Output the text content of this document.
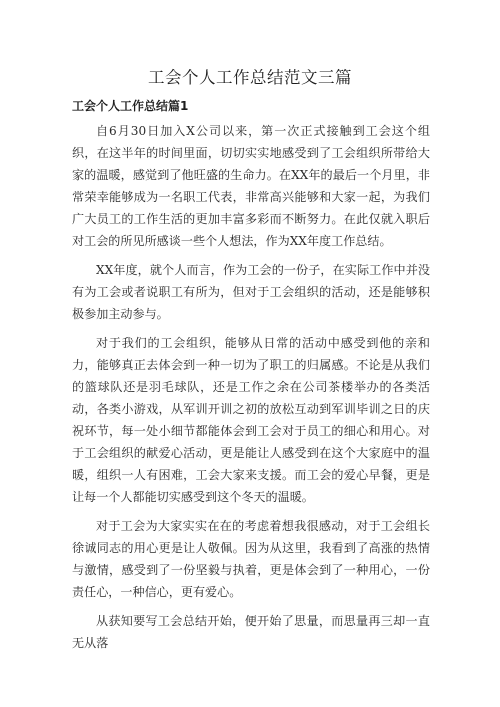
工会个人工作总结范文三篇
工会个人工作总结篇1

自6月30日加入X公司以来，第一次正式接触到工会这个组织，在这半年的时间里面，切切实实地感受到了工会组织所带给大家的温暖，感觉到了他旺盛的生命力。在XX年的最后一个月里，非常荣幸能够成为一名职工代表，非常高兴能够和大家一起，为我们广大员工的工作生活的更加丰富多彩而不断努力。在此仅就入职后对工会的所见所感谈一些个人想法，作为XX年度工作总结。

XX年度，就个人而言，作为工会的一份子，在实际工作中并没有为工会或者说职工有所为，但对于工会组织的活动，还是能够积极参加主动参与。

对于我们的工会组织，能够从日常的活动中感受到他的亲和力，能够真正去体会到一种一切为了职工的归属感。不论是从我们的篮球队还是羽毛球队，还是工作之余在公司茶楼举办的各类活动，各类小游戏，从军训开训之初的放松互动到军训毕训之日的庆祝环节，每一处小细节都能体会到工会对于员工的细心和用心。对于工会组织的献爱心活动，更是能让人感受到在这个大家庭中的温暖，组织一人有困难，工会大家来支援。而工会的爱心早餐，更是让每一个人都能切实感受到这个冬天的温暖。

对于工会为大家实实在在的考虑着想我很感动，对于工会组长徐诚同志的用心更是让人敬佩。因为从这里，我看到了高涨的热情与激情，感受到了一份坚毅与执着，更是体会到了一种用心，一份责任心，一种信心，更有爱心。

从获知要写工会总结开始，便开始了思量，而思量再三却一直无从落
